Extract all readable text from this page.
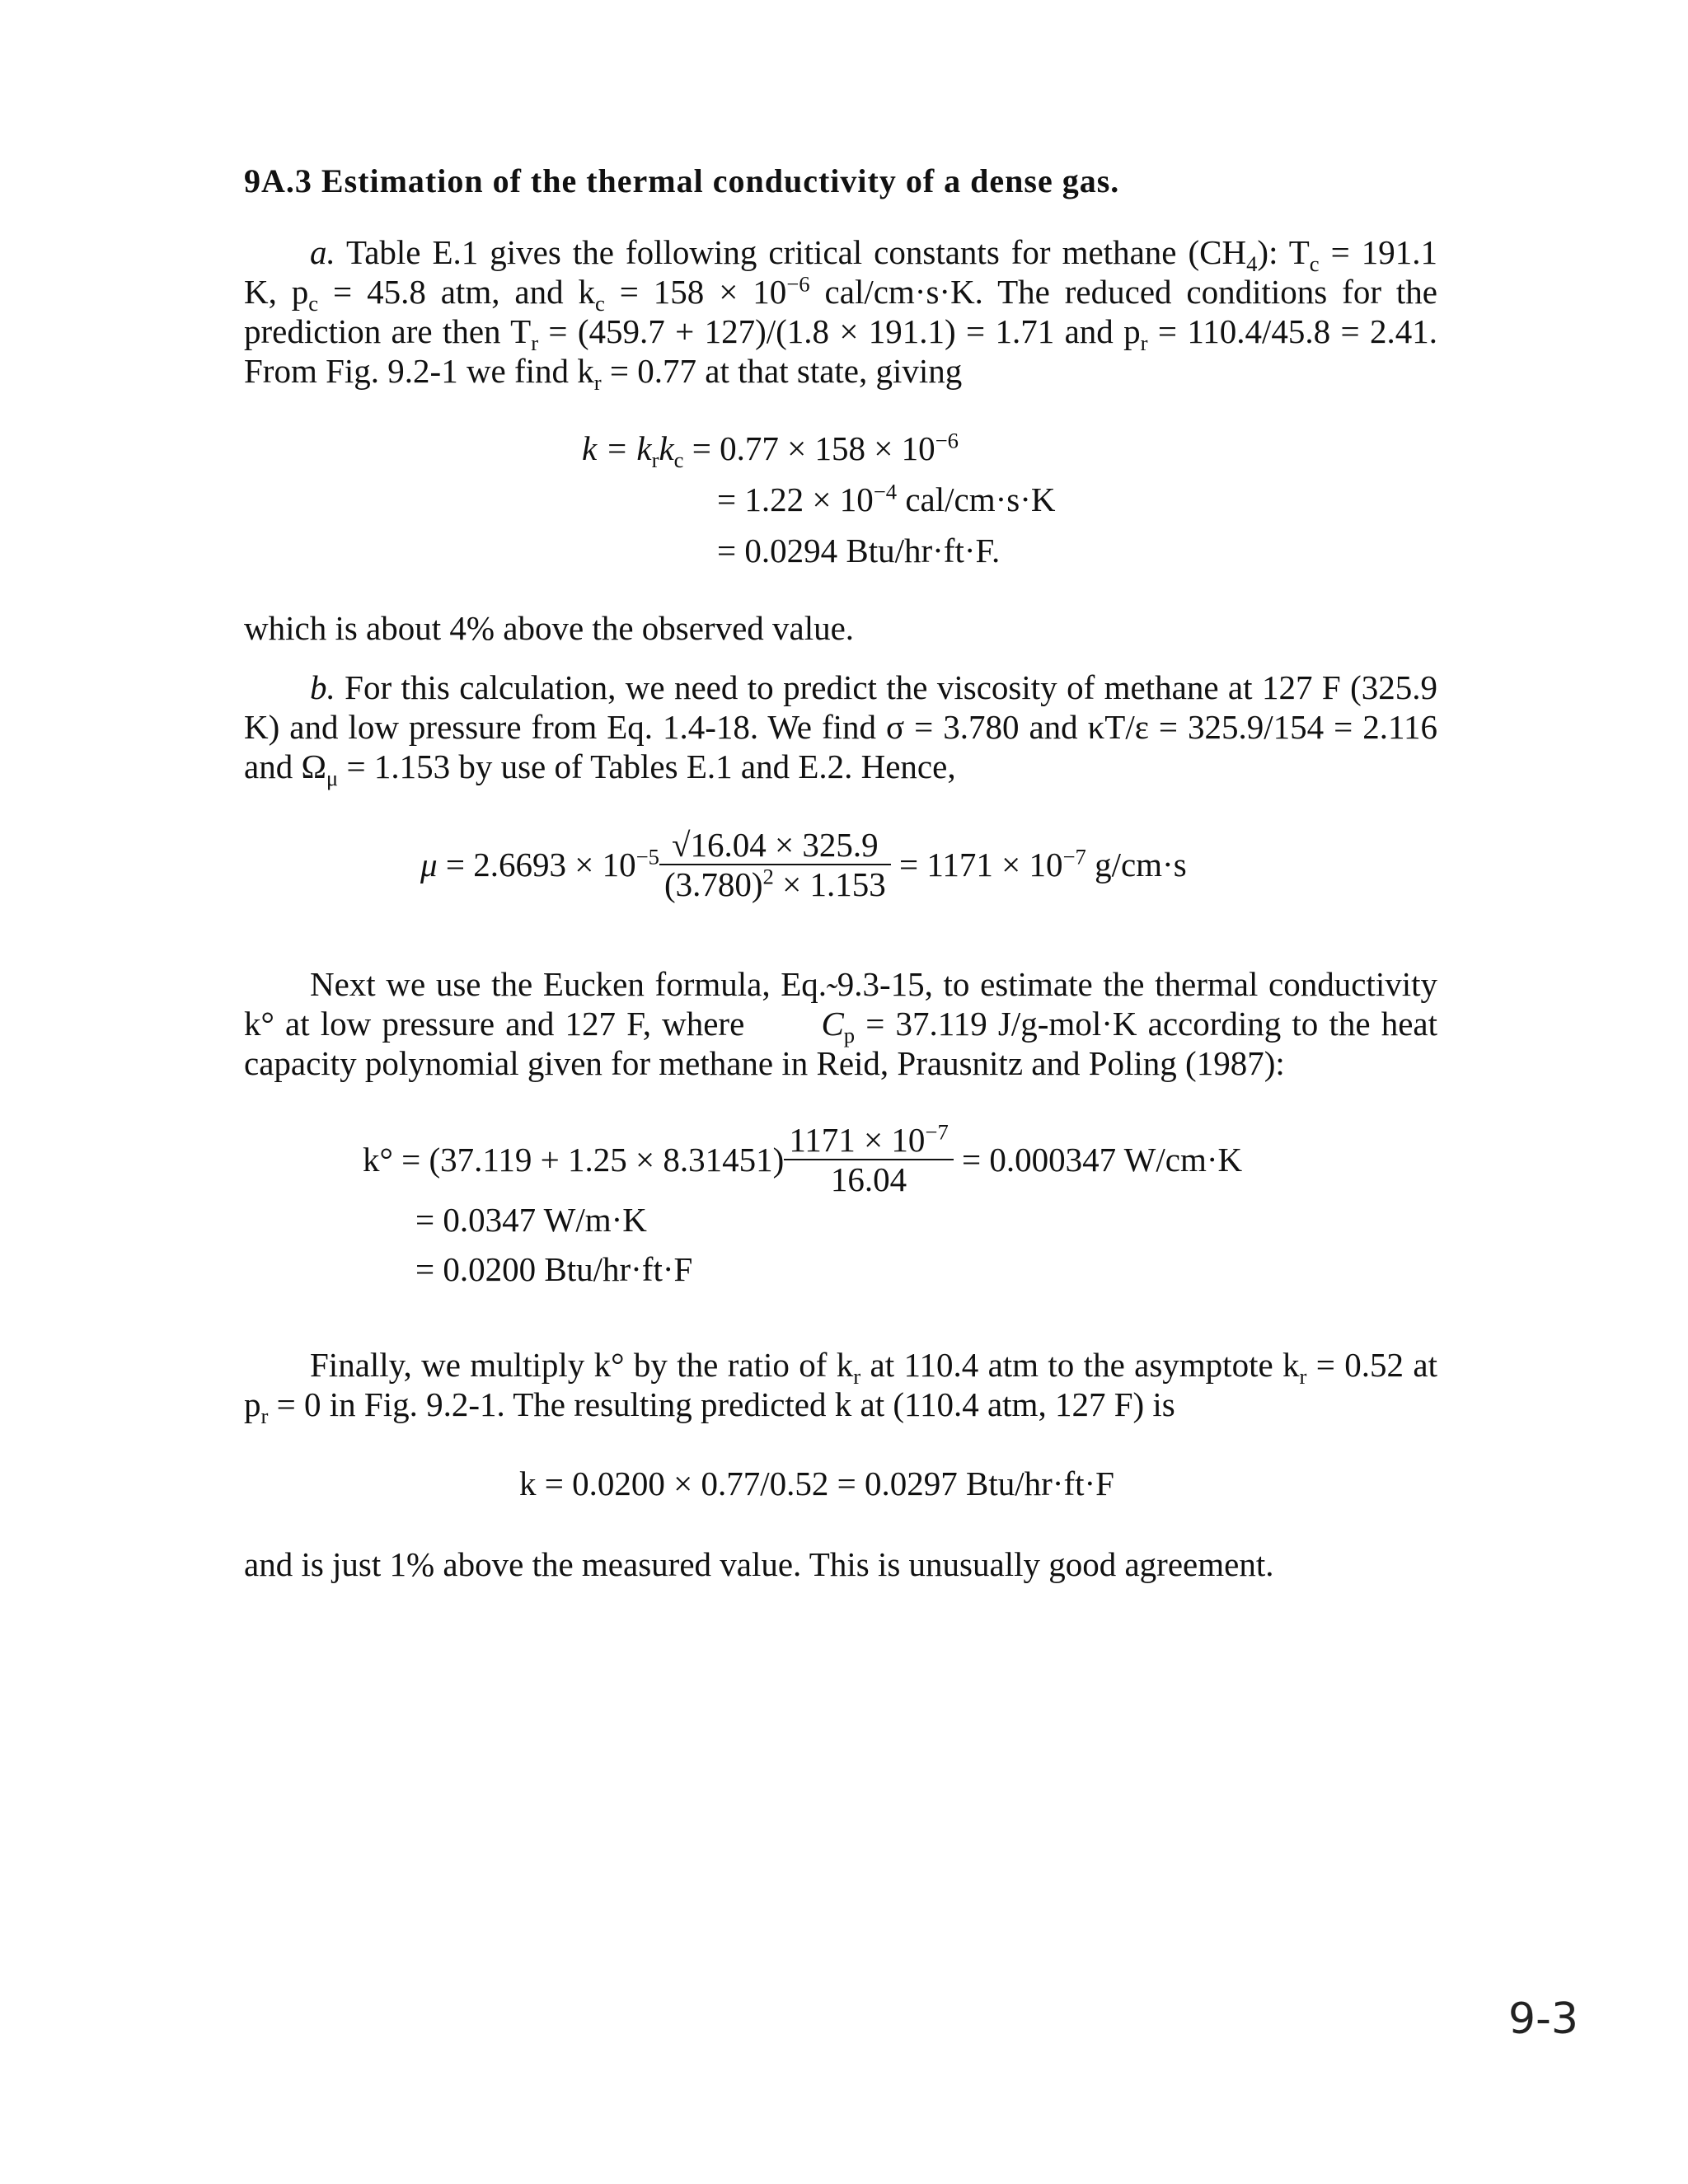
9A.3 Estimation of the thermal conductivity of a dense gas.
a. Table E.1 gives the following critical constants for methane $(CH_4)$: $T_c = 191.1$ K, $p_c = 45.8$ atm, and $k_c = 158 \times 10^{-6}$ cal/cm·s·K. The reduced conditions for the prediction are then $T_r = (459.7 + 127)/(1.8 \times 191.1) = 1.71$ and $p_r = 110.4/45.8 = 2.41$. From Fig. 9.2-1 we find $k_r = 0.77$ at that state, giving
$k = k_rk_c = 0.77 \times 158 \times 10^{-6}$
= $1.22 \times 10^{-4}$ cal/cm·s·K
= 0.0294 Btu/hr·ft·F.
which is about 4% above the observed value.
b. For this calculation, we need to predict the viscosity of methane at 127 F (325.9 K) and low pressure from Eq. 1.4-18. We find σ = 3.780 and κT/ε = 325.9/154 = 2.116 and $\Omega_\mu = 1.153$ by use of Tables E.1 and E.2. Hence,
$\mu = 2.6693 \times 10^{-5} \frac{√16.04 \times 325.9}{(3.780)^2 \times 1.153} = 1171 \times 10^{-7}$ g/cm·s
Next we use the Eucken formula, Eq. 9.3-15, to estimate the thermal conductivity k° at low pressure and 127 F, where ˜ $C_p = 37.119$ J/g-mol·K according to the heat capacity polynomial given for methane in Reid, Prausnitz and Poling (1987):
$k^\circ = (37.119 + 1.25 \times 8.31451) \frac{1171 \times 10^{-7}}{16.04} = 0.000347$ W/cm·K
= 0.0347 W/m·K
= 0.0200 Btu/hr·ft·F
Finally, we multiply k° by the ratio of $k_r$ at 110.4 atm to the asymptote $k_r = 0.52$ at $p_r = 0$ in Fig. 9.2-1. The resulting predicted k at (110.4 atm, 127 F) is
k = 0.0200 × 0.77/0.52 = 0.0297 Btu/hr·ft·F
and is just 1% above the measured value. This is unusually good agreement.
9-3
